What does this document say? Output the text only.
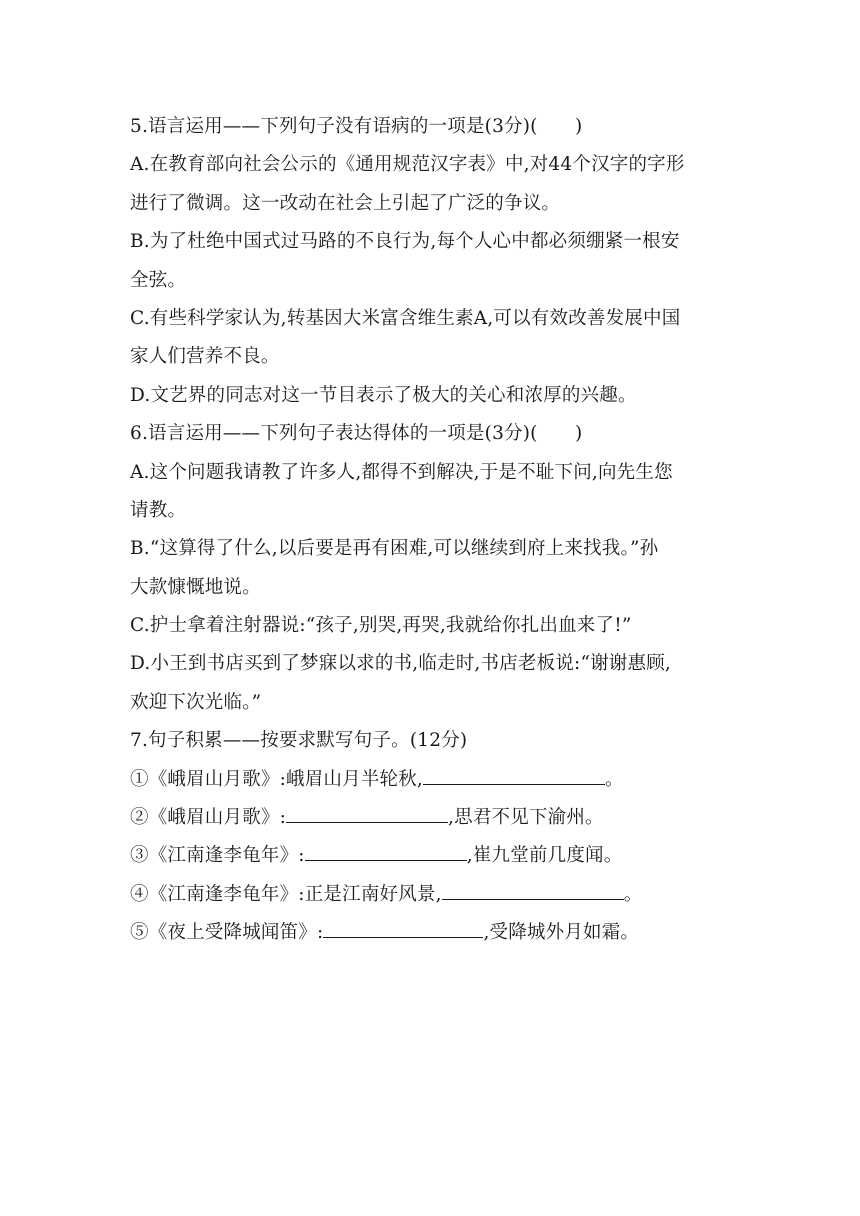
5.语言运用——下列句子没有语病的一项是(3分)(　　)
A.在教育部向社会公示的《通用规范汉字表》中,对44个汉字的字形
进行了微调。这一改动在社会上引起了广泛的争议。
B.为了杜绝中国式过马路的不良行为,每个人心中都必须绷紧一根安
全弦。
C.有些科学家认为,转基因大米富含维生素A,可以有效改善发展中国
家人们营养不良。
D.文艺界的同志对这一节目表示了极大的关心和浓厚的兴趣。
6.语言运用——下列句子表达得体的一项是(3分)(　　)
A.这个问题我请教了许多人,都得不到解决,于是不耻下问,向先生您
请教。
B.“这算得了什么,以后要是再有困难,可以继续到府上来找我。”孙
大款慷慨地说。
C.护士拿着注射器说:“孩子,别哭,再哭,我就给你扎出血来了!”
D.小王到书店买到了梦寐以求的书,临走时,书店老板说:“谢谢惠顾,
欢迎下次光临。”
7.句子积累——按要求默写句子。(12分)
①《峨眉山月歌》:峨眉山月半轮秋,	。
②《峨眉山月歌》:	,思君不见下渝州。
③《江南逢李龟年》:	,崔九堂前几度闻。
④《江南逢李龟年》:正是江南好风景,	。
⑤《夜上受降城闻笛》:	,受降城外月如霜。
